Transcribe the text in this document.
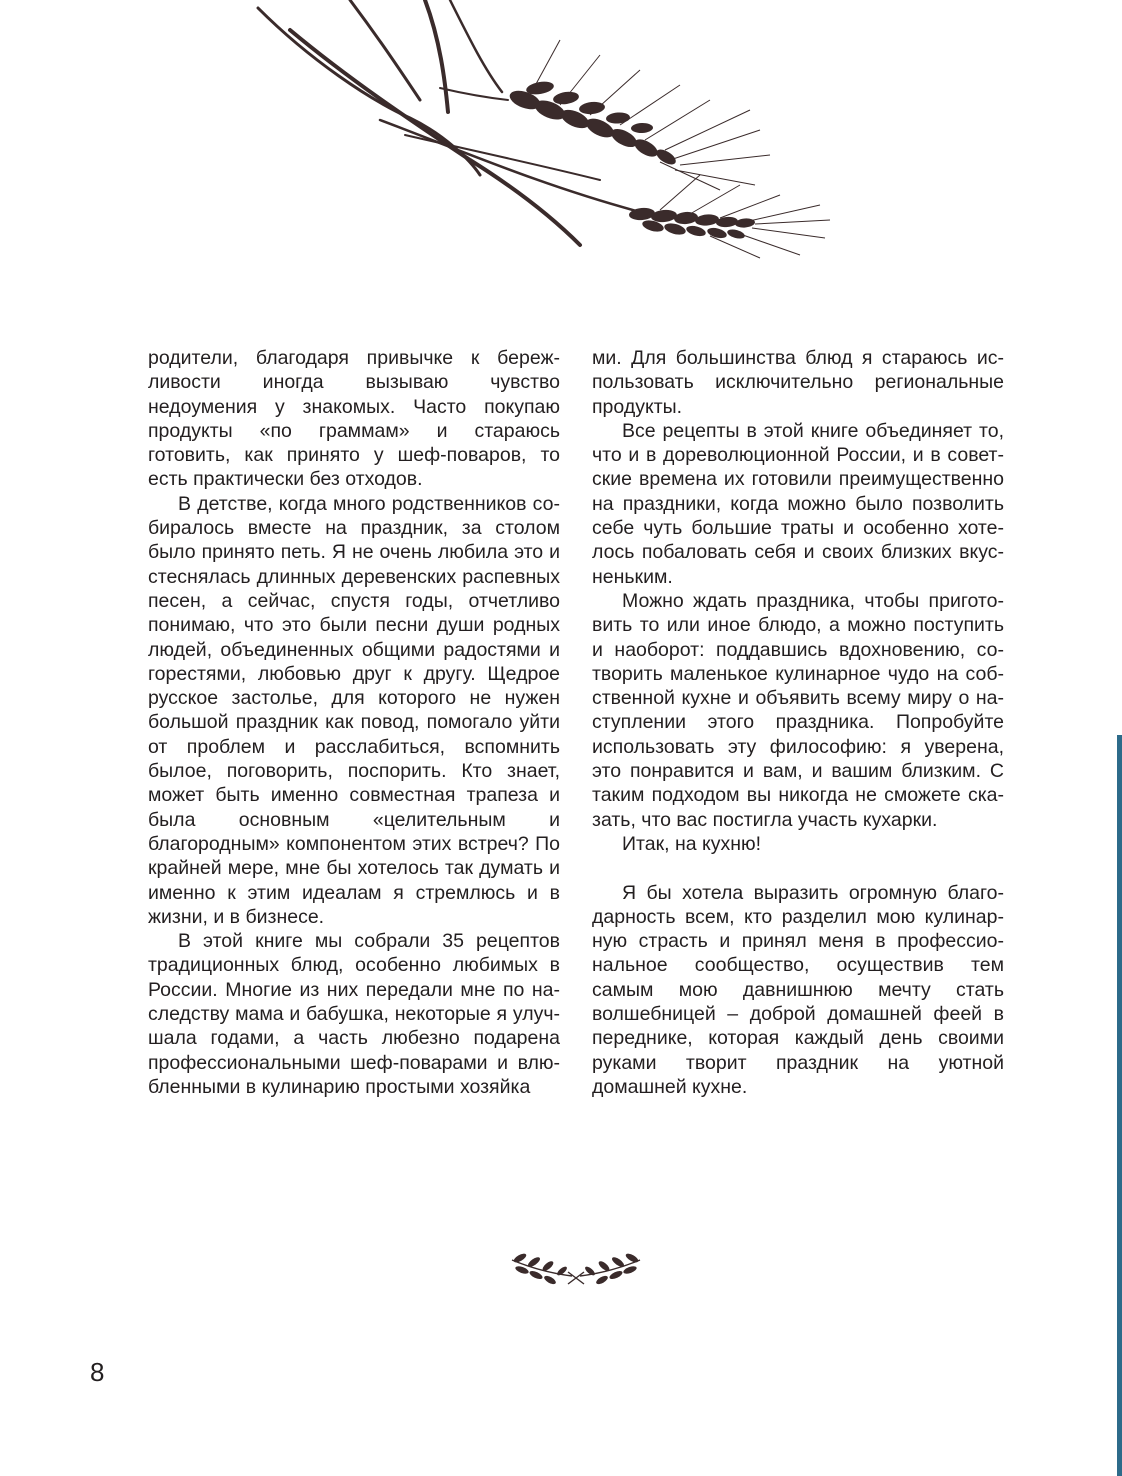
родители, благодаря привычке к бережливости иногда вызываю чувство недоумения у знакомых. Часто покупаю продукты «по граммам» и стараюсь готовить, как принято у шеф-поваров, то есть практически без отходов.

В детстве, когда много родственников собиралось вместе на праздник, за столом было принято петь. Я не очень любила это и стеснялась длинных деревенских распевных песен, а сейчас, спустя годы, отчетливо понимаю, что это были песни души родных людей, объединенных общими радостями и горестями, любовью друг к другу. Щедрое русское застолье, для которого не нужен большой праздник как повод, помогало уйти от проблем и расслабиться, вспомнить былое, поговорить, поспорить. Кто знает, может быть именно совместная трапеза и была основным «целительным и благородным» компонентом этих встреч? По крайней мере, мне бы хотелось так думать и именно к этим идеалам я стремлюсь и в жизни, и в бизнесе.

В этой книге мы собрали 35 рецептов традиционных блюд, особенно любимых в России. Многие из них передали мне по наследству мама и бабушка, некоторые я улучшала годами, а часть любезно подарена профессиональными шеф-поварами и влюбленными в кулинарию простыми хозяйка

ми. Для большинства блюд я стараюсь использовать исключительно региональные продукты.

Все рецепты в этой книге объединяет то, что и в дореволюционной России, и в советские времена их готовили преимущественно на праздники, когда можно было позволить себе чуть большие траты и особенно хотелось побаловать себя и своих близких вкусненьким.

Можно ждать праздника, чтобы приготовить то или иное блюдо, а можно поступить и наоборот: поддавшись вдохновению, сотворить маленькое кулинарное чудо на собственной кухне и объявить всему миру о наступлении этого праздника. Попробуйте использовать эту философию: я уверена, это понравится и вам, и вашим близким. С таким подходом вы никогда не сможете сказать, что вас постигла участь кухарки.

Итак, на кухню!

Я бы хотела выразить огромную благодарность всем, кто разделил мою кулинарную страсть и принял меня в профессиональное сообщество, осуществив тем самым мою давнишнюю мечту стать волшебницей – доброй домашней феей в переднике, которая каждый день своими руками творит праздник на уютной домашней кухне.

8
